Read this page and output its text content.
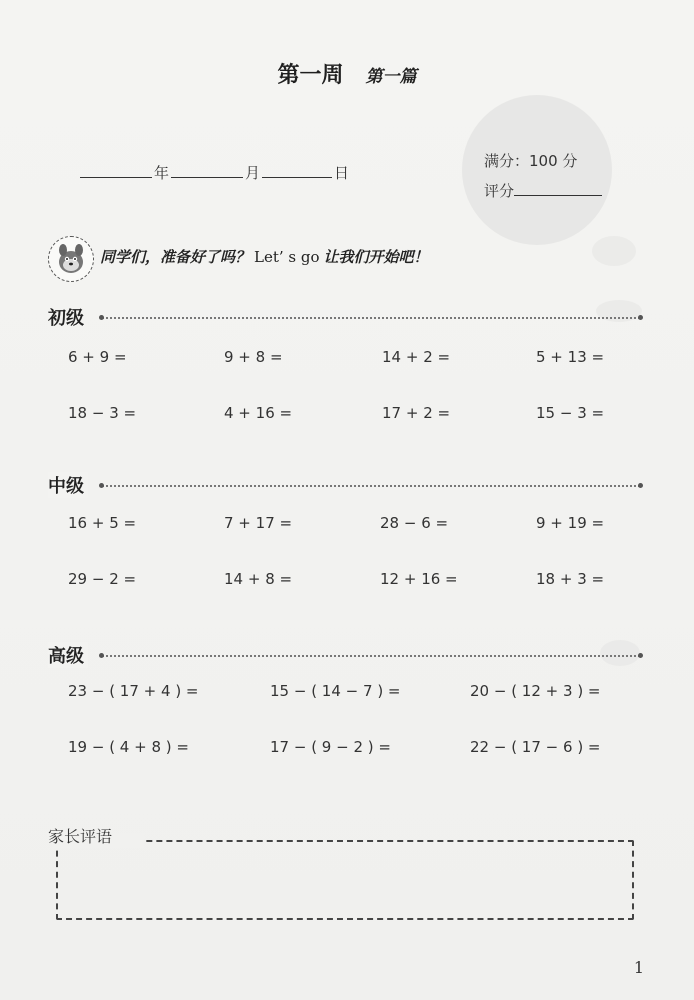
第一周 第一篇
年	月	日
满分：100 分
评分
同学们，准备好了吗？ Let’ s go 让我们开始吧！
初级
6 + 9 =	9 + 8 =	14 + 2 =	5 + 13 =
18 − 3 =	4 + 16 =	17 + 2 =	15 − 3 =
中级
16 + 5 =	7 + 17 =	28 − 6 =	9 + 19 =
29 − 2 =	14 + 8 =	12 + 16 =	18 + 3 =
高级
23 − ( 17 + 4 ) =	15 − ( 14 − 7 ) =	20 − ( 12 + 3 ) =
19 − ( 4 + 8 ) =	17 − ( 9 − 2 ) =	22 − ( 17 − 6 ) =
家长评语
1
